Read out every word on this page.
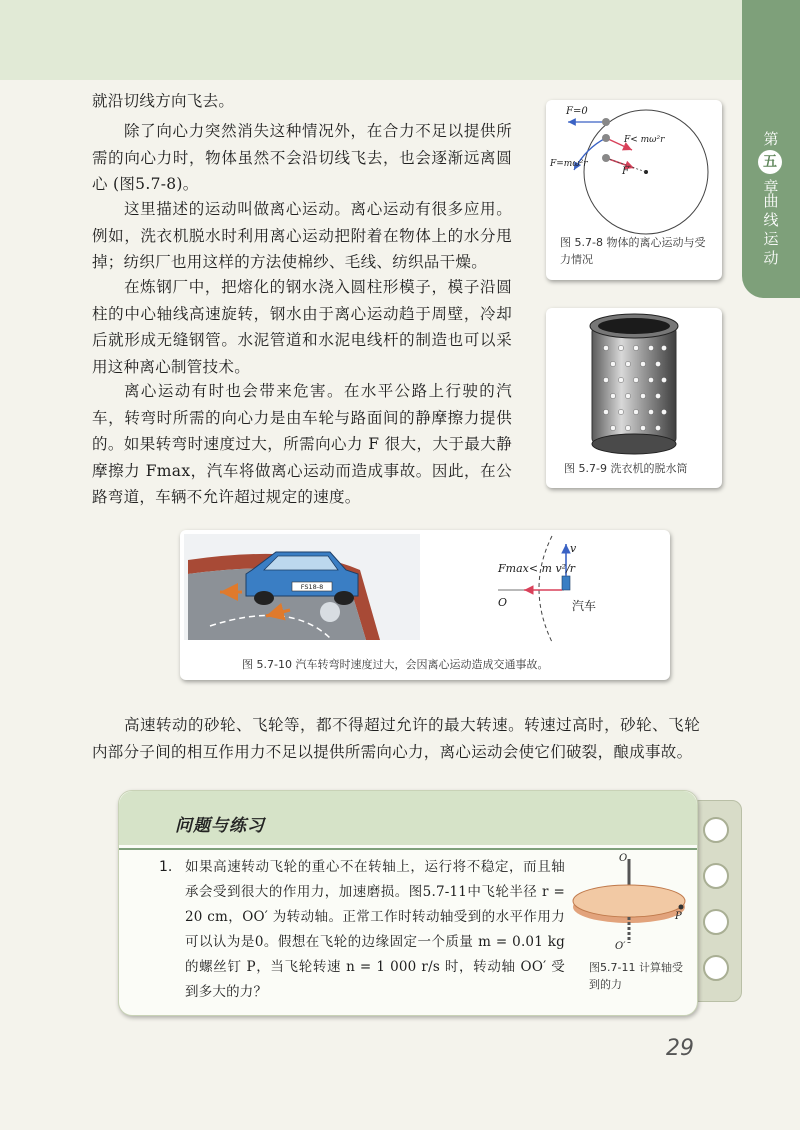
第
五
章
曲线运动

就沿切线方向飞去。

除了向心力突然消失这种情况外，在合力不足以提供所需的向心力时，物体虽然不会沿切线飞去，也会逐渐远离圆心 (图5.7-8)。

这里描述的运动叫做离心运动。离心运动有很多应用。例如，洗衣机脱水时利用离心运动把附着在物体上的水分甩掉；纺织厂也用这样的方法使棉纱、毛线、纺织品干燥。

在炼钢厂中，把熔化的钢水浇入圆柱形模子，模子沿圆柱的中心轴线高速旋转，钢水由于离心运动趋于周壁，冷却后就形成无缝钢管。水泥管道和水泥电线杆的制造也可以采用这种离心制管技术。

离心运动有时也会带来危害。在水平公路上行驶的汽车，转弯时所需的向心力是由车轮与路面间的静摩擦力提供的。如果转弯时速度过大，所需向心力 F 很大，大于最大静摩擦力 Fmax，汽车将做离心运动而造成事故。因此，在公路弯道，车辆不允许超过规定的速度。

F=0
F< mω²r
F=mω²r
F
图 5.7-8 物体的离心运动与受力情况
图 5.7-9 洗衣机的脱水筒
FS18-8
Fmax< m v²/r
v
O	汽车
图 5.7-10 汽车转弯时速度过大，会因离心运动造成交通事故。

高速转动的砂轮、飞轮等，都不得超过允许的最大转速。转速过高时，砂轮、飞轮内部分子间的相互作用力不足以提供所需向心力，离心运动会使它们破裂，酿成事故。

问题与练习
1. 如果高速转动飞轮的重心不在转轴上，运行将不稳定，而且轴承会受到很大的作用力，加速磨损。图5.7-11中飞轮半径 r = 20 cm，OO′ 为转动轴。正常工作时转动轴受到的水平作用力可以认为是0。假想在飞轮的边缘固定一个质量 m = 0.01 kg 的螺丝钉 P，当飞轮转速 n = 1 000 r/s 时，转动轴 OO′ 受到多大的力？

O
O′
P
图5.7-11 计算轴受到的力
29
